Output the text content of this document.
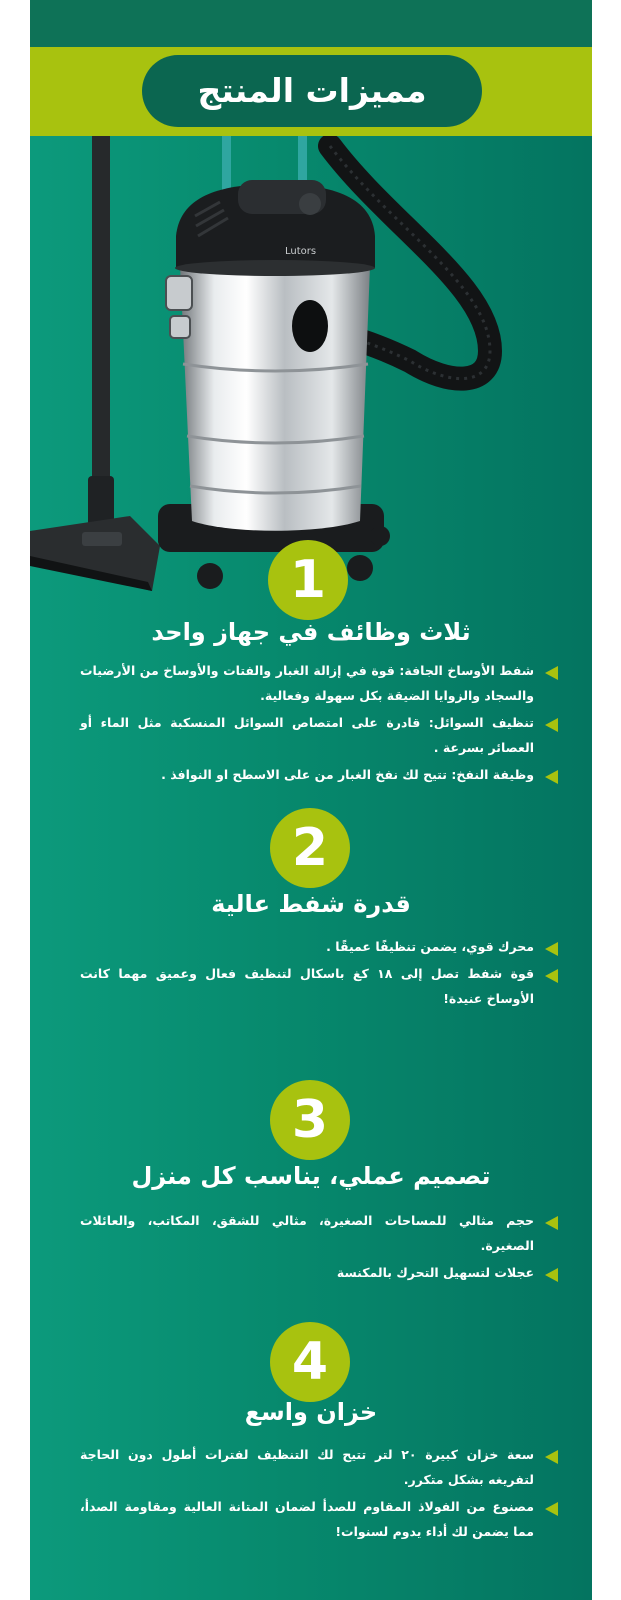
مميزات المنتج
Lutors
1
ثلاث وظائف في جهاز واحد
شفط الأوساخ الجافة: قوة في إزالة الغبار والفتات والأوساخ من الأرضيات والسجاد والزوايا الضيقة بكل سهولة وفعالية.
تنظيف السوائل: قادرة على امتصاص السوائل المنسكبة مثل الماء أو العصائر بسرعة .
وظيفة النفخ: تتيح لك نفخ الغبار من على الاسطح او النوافذ .
2
قدرة شفط عالية
محرك قوي، يضمن تنظيفًا عميقًا .
قوة شفط تصل إلى ١٨ كغ باسكال لتنظيف فعال وعميق مهما كانت الأوساخ عنيدة!
3
تصميم عملي، يناسب كل منزل
حجم مثالي للمساحات الصغيرة، مثالي للشقق، المكاتب، والعائلات الصغيرة.
عجلات لتسهيل التحرك بالمكنسة
4
خزان واسع
سعة خزان كبيرة ٢٠ لتر تتيح لك التنظيف لفترات أطول دون الحاجة لتفريغه بشكل متكرر.
مصنوع من الفولاذ المقاوم للصدأ لضمان المتانة العالية ومقاومة الصدأ، مما يضمن لك أداء يدوم لسنوات!
